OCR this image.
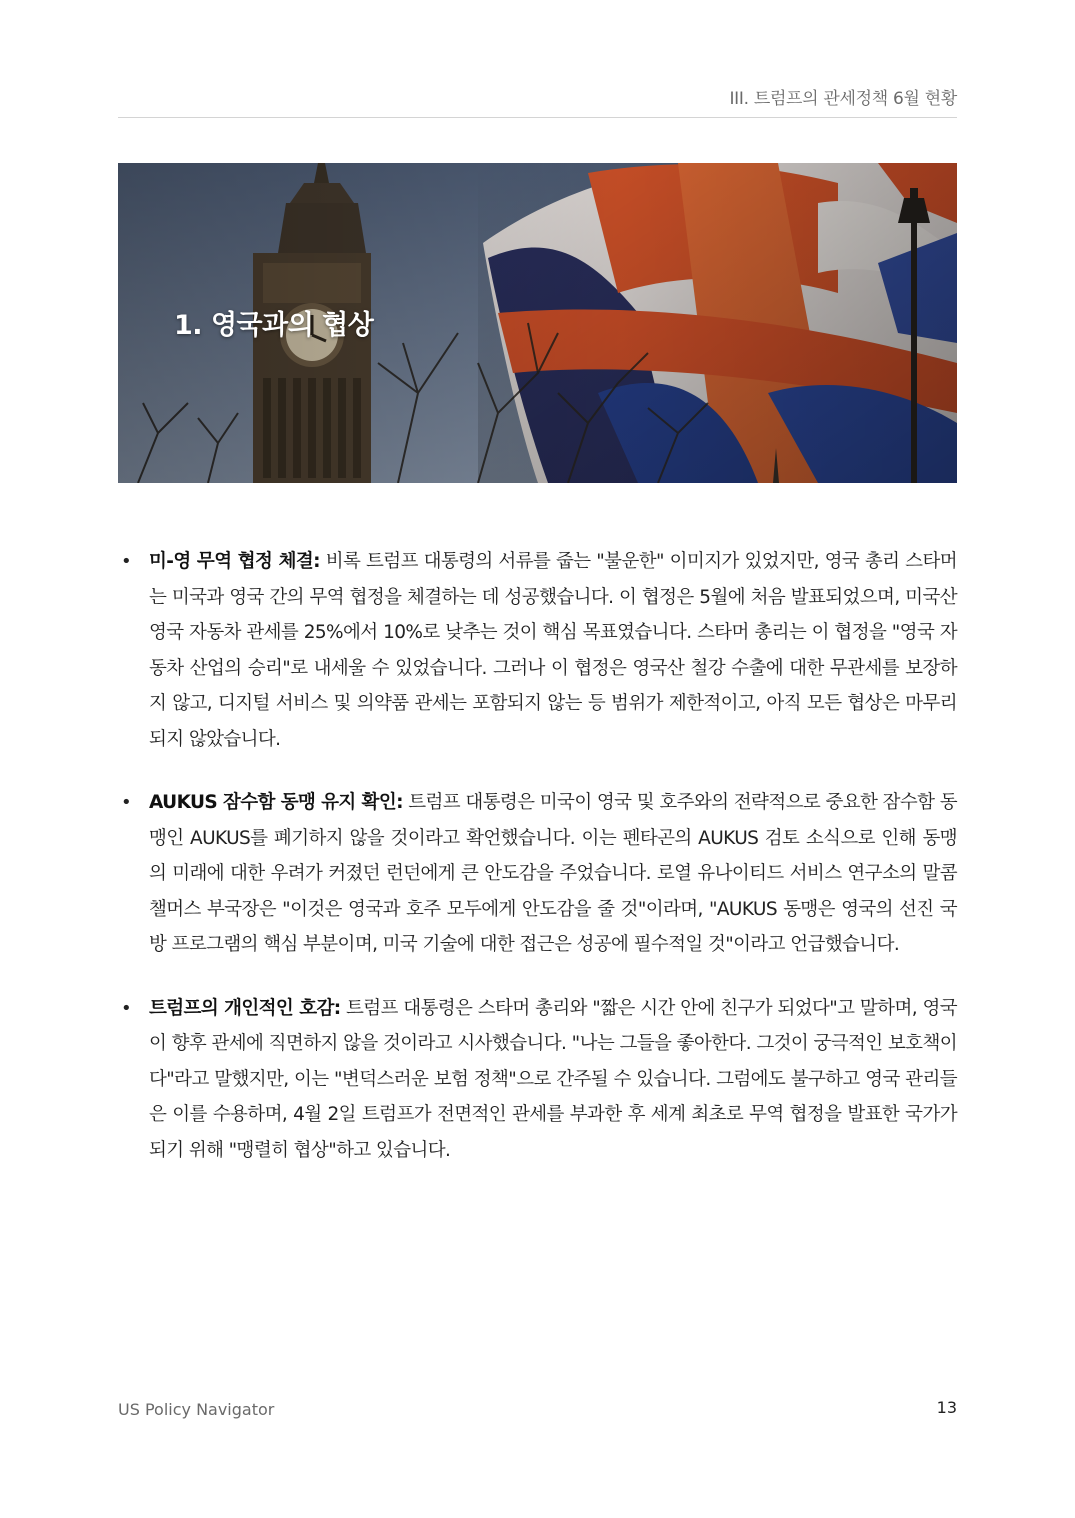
III. 트럼프의 관세정책 6월 현황
1. 영국과의 협상
• 미-영 무역 협정 체결: 비록 트럼프 대통령의 서류를 줍는 "불운한" 이미지가 있었지만, 영국 총리 스타머는 미국과 영국 간의 무역 협정을 체결하는 데 성공했습니다. 이 협정은 5월에 처음 발표되었으며, 미국산 영국 자동차 관세를 25%에서 10%로 낮추는 것이 핵심 목표였습니다. 스타머 총리는 이 협정을 "영국 자동차 산업의 승리"로 내세울 수 있었습니다. 그러나 이 협정은 영국산 철강 수출에 대한 무관세를 보장하지 않고, 디지털 서비스 및 의약품 관세는 포함되지 않는 등 범위가 제한적이고, 아직 모든 협상은 마무리되지 않았습니다.
• AUKUS 잠수함 동맹 유지 확인: 트럼프 대통령은 미국이 영국 및 호주와의 전략적으로 중요한 잠수함 동맹인 AUKUS를 폐기하지 않을 것이라고 확언했습니다. 이는 펜타곤의 AUKUS 검토 소식으로 인해 동맹의 미래에 대한 우려가 커졌던 런던에게 큰 안도감을 주었습니다. 로열 유나이티드 서비스 연구소의 말콤 챌머스 부국장은 "이것은 영국과 호주 모두에게 안도감을 줄 것"이라며, "AUKUS 동맹은 영국의 선진 국방 프로그램의 핵심 부분이며, 미국 기술에 대한 접근은 성공에 필수적일 것"이라고 언급했습니다.
• 트럼프의 개인적인 호감: 트럼프 대통령은 스타머 총리와 "짧은 시간 안에 친구가 되었다"고 말하며, 영국이 향후 관세에 직면하지 않을 것이라고 시사했습니다. "나는 그들을 좋아한다. 그것이 궁극적인 보호책이다"라고 말했지만, 이는 "변덕스러운 보험 정책"으로 간주될 수 있습니다. 그럼에도 불구하고 영국 관리들은 이를 수용하며, 4월 2일 트럼프가 전면적인 관세를 부과한 후 세계 최초로 무역 협정을 발표한 국가가 되기 위해 "맹렬히 협상"하고 있습니다.
US Policy Navigator	13
